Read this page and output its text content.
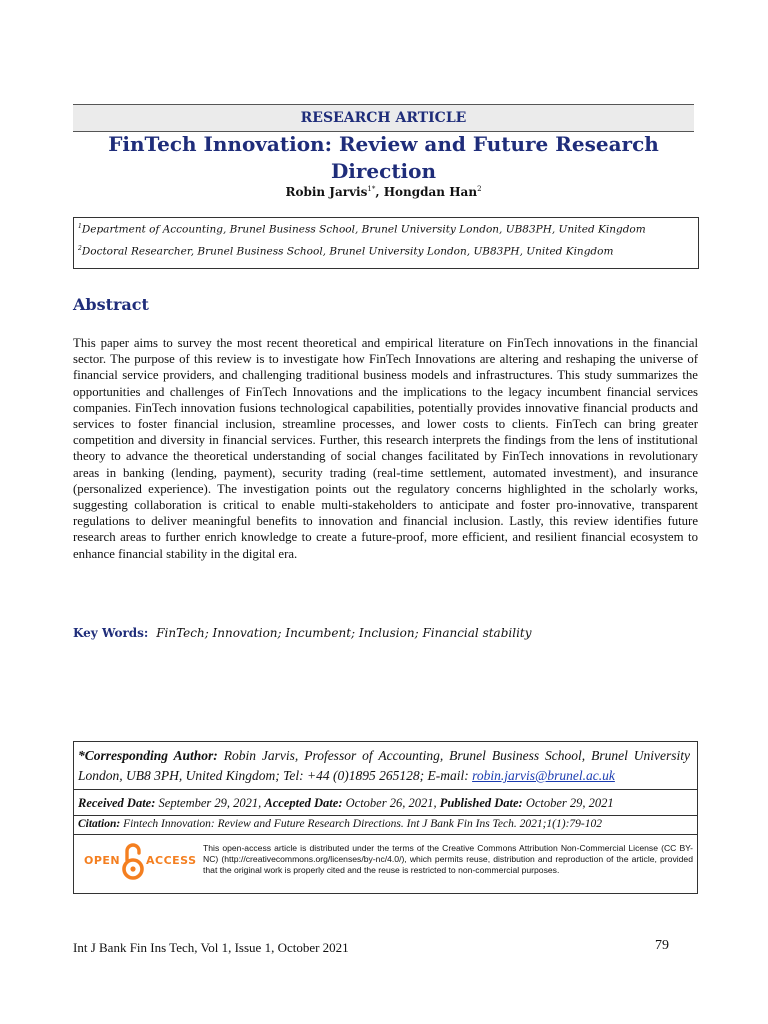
RESEARCH ARTICLE
FinTech Innovation: Review and Future Research
Direction
Robin Jarvis$^{1*}$, Hongdan Han$^2$
$^1$Department of Accounting, Brunel Business School, Brunel University London, UB83PH, United Kingdom
$^2$Doctoral Researcher, Brunel Business School, Brunel University London, UB83PH, United Kingdom
Abstract
This paper aims to survey the most recent theoretical and empirical literature on FinTech innovations in the financial sector. The purpose of this review is to investigate how FinTech Innovations are altering and reshaping the universe of financial service providers, and challenging traditional business models and infrastructures. This study summarizes the opportunities and challenges of FinTech Innovations and the implications to the legacy incumbent financial services companies. FinTech innovation fusions technological capabilities, potentially provides innovative financial products and services to foster financial inclusion, streamline processes, and lower costs to clients. FinTech can bring greater competition and diversity in financial services. Further, this research interprets the findings from the lens of institutional theory to advance the theoretical understanding of social changes facilitated by FinTech innovations in revolutionary areas in banking (lending, payment), security trading (real-time settlement, automated investment), and insurance (personalized experience). The investigation points out the regulatory concerns highlighted in the scholarly works, suggesting collaboration is critical to enable multi-stakeholders to anticipate and foster pro-innovative, transparent regulations to deliver meaningful benefits to innovation and financial inclusion. Lastly, this review identifies future research areas to further enrich knowledge to create a future-proof, more efficient, and resilient financial ecosystem to enhance financial stability in the digital era.
Key Words: FinTech; Innovation; Incumbent; Inclusion; Financial stability
*Corresponding Author: Robin Jarvis, Professor of Accounting, Brunel Business School, Brunel University London, UB8 3PH, United Kingdom; Tel: +44 (0)1895 265128; E-mail: robin.jarvis@brunel.ac.uk
Received Date: September 29, 2021, Accepted Date: October 26, 2021, Published Date: October 29, 2021
Citation: Fintech Innovation: Review and Future Research Directions. Int J Bank Fin Ins Tech. 2021;1(1):79-102
OPEN ACCESS
This open-access article is distributed under the terms of the Creative Commons Attribution Non-Commercial License (CC BY-NC) (http://creativecommons.org/licenses/by-nc/4.0/), which permits reuse, distribution and reproduction of the article, provided that the original work is properly cited and the reuse is restricted to non-commercial purposes.
Int J Bank Fin Ins Tech, Vol 1, Issue 1, October 2021	79
